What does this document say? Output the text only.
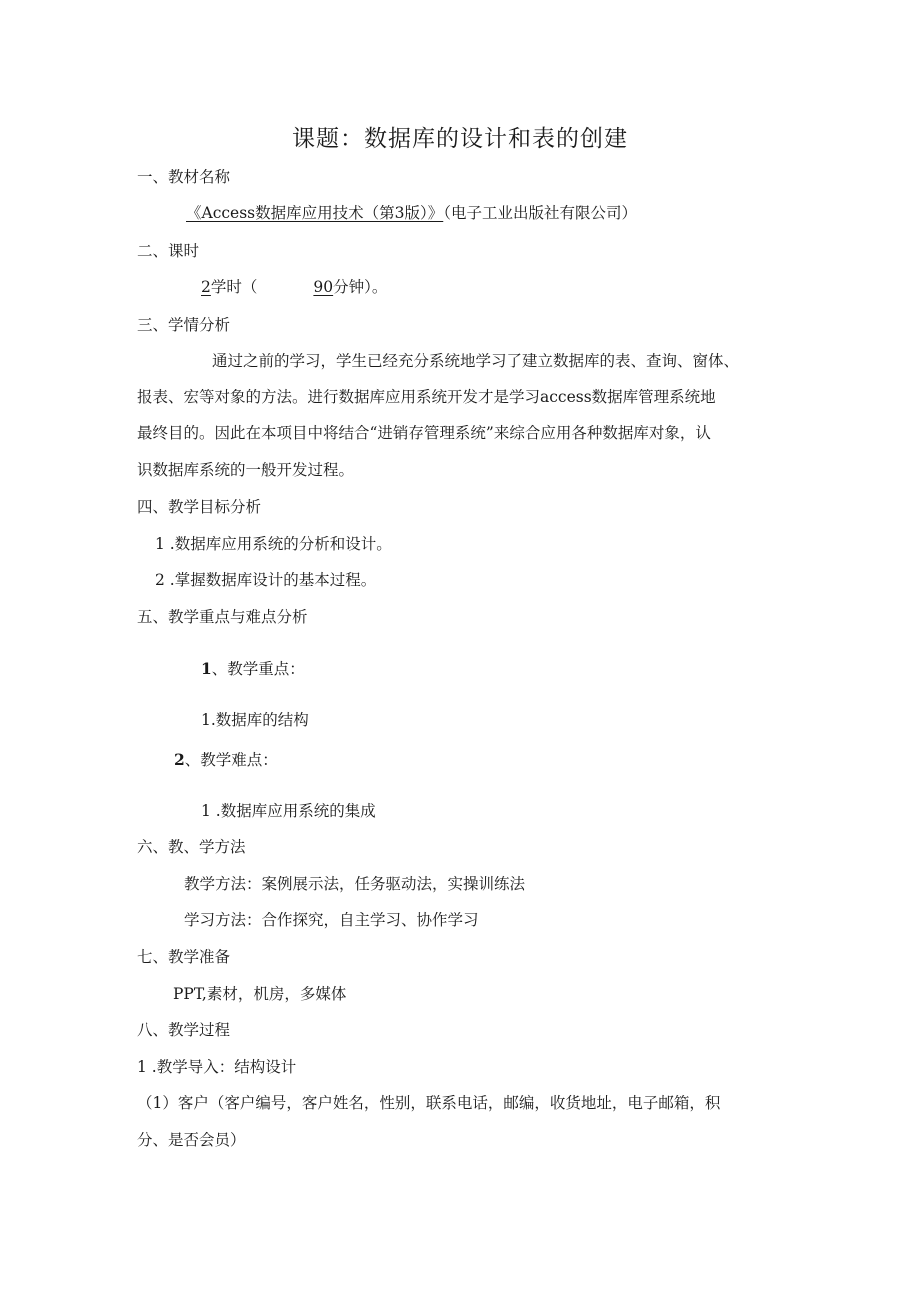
课题：数据库的设计和表的创建
一、教材名称
《Access数据库应用技术（第3版）》（电子工业出版社有限公司）
二、课时
2学时（	90分钟）。
三、学情分析
通过之前的学习，学生已经充分系统地学习了建立数据库的表、查询、窗体、
报表、宏等对象的方法。进行数据库应用系统开发才是学习access数据库管理系统地
最终目的。因此在本项目中将结合“进销存管理系统”来综合应用各种数据库对象，认
识数据库系统的一般开发过程。
四、教学目标分析
1 .数据库应用系统的分析和设计。
2 .掌握数据库设计的基本过程。
五、教学重点与难点分析
1、教学重点：
1.数据库的结构
2、教学难点：
1 .数据库应用系统的集成
六、教、学方法
教学方法：案例展示法，任务驱动法，实操训练法
学习方法：合作探究，自主学习、协作学习
七、教学准备
PPT,素材，机房，多媒体
八、教学过程
1 .教学导入：结构设计
（1）客户（客户编号，客户姓名，性别，联系电话，邮编，收货地址，电子邮箱，积
分、是否会员）
